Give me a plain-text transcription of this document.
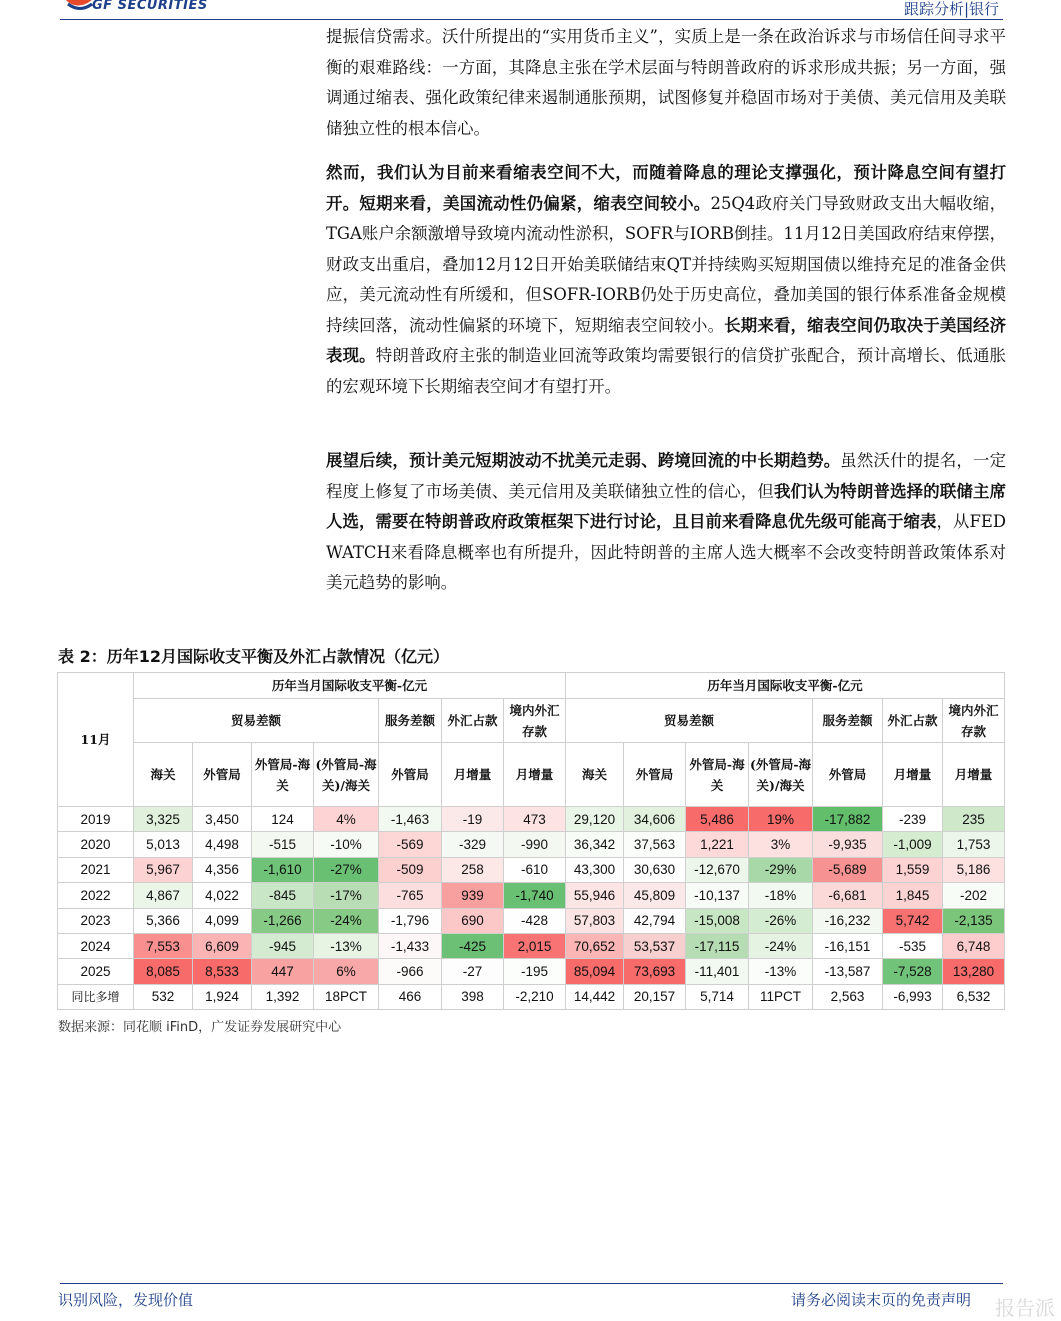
GF SECURITIES	跟踪分析|银行

提振信贷需求。沃什所提出的“实用货币主义”，实质上是一条在政治诉求与市场信任间寻求平衡的艰难路线：一方面，其降息主张在学术层面与特朗普政府的诉求形成共振；另一方面，强调通过缩表、强化政策纪律来遏制通胀预期，试图修复并稳固市场对于美债、美元信用及美联储独立性的根本信心。

然而，我们认为目前来看缩表空间不大，而随着降息的理论支撑强化，预计降息空间有望打开。短期来看，美国流动性仍偏紧，缩表空间较小。25Q4政府关门导致财政支出大幅收缩，TGA账户余额激增导致境内流动性淤积，SOFR与IORB倒挂。11月12日美国政府结束停摆，财政支出重启，叠加12月12日开始美联储结束QT并持续购买短期国债以维持充足的准备金供应，美元流动性有所缓和，但SOFR-IORB仍处于历史高位，叠加美国的银行体系准备金规模持续回落，流动性偏紧的环境下，短期缩表空间较小。长期来看，缩表空间仍取决于美国经济表现。特朗普政府主张的制造业回流等政策均需要银行的信贷扩张配合，预计高增长、低通胀的宏观环境下长期缩表空间才有望打开。

展望后续，预计美元短期波动不扰美元走弱、跨境回流的中长期趋势。虽然沃什的提名，一定程度上修复了市场美债、美元信用及美联储独立性的信心，但我们认为特朗普选择的联储主席人选，需要在特朗普政府政策框架下进行讨论，且目前来看降息优先级可能高于缩表，从FED WATCH来看降息概率也有所提升，因此特朗普的主席人选大概率不会改变特朗普政策体系对美元趋势的影响。

表 2：历年12月国际收支平衡及外汇占款情况（亿元）
11月	历年当月国际收支平衡-亿元							历年当月国际收支平衡-亿元						
	贸易差额				服务差额	外汇占款	境内外汇存款	贸易差额				服务差额	外汇占款	境内外汇存款
	海关	外管局	外管局-海关	(外管局-海关)/海关	外管局	月增量	月增量	海关	外管局	外管局-海关	(外管局-海关)/海关	外管局	月增量	月增量
2019	3,325	3,450	124	4%	-1,463	-19	473	29,120	34,606	5,486	19%	-17,882	-239	235
2020	5,013	4,498	-515	-10%	-569	-329	-990	36,342	37,563	1,221	3%	-9,935	-1,009	1,753
2021	5,967	4,356	-1,610	-27%	-509	258	-610	43,300	30,630	-12,670	-29%	-5,689	1,559	5,186
2022	4,867	4,022	-845	-17%	-765	939	-1,740	55,946	45,809	-10,137	-18%	-6,681	1,845	-202
2023	5,366	4,099	-1,266	-24%	-1,796	690	-428	57,803	42,794	-15,008	-26%	-16,232	5,742	-2,135
2024	7,553	6,609	-945	-13%	-1,433	-425	2,015	70,652	53,537	-17,115	-24%	-16,151	-535	6,748
2025	8,085	8,533	447	6%	-966	-27	-195	85,094	73,693	-11,401	-13%	-13,587	-7,528	13,280
同比多增	532	1,924	1,392	18PCT	466	398	-2,210	14,442	20,157	5,714	11PCT	2,563	-6,993	6,532
数据来源：同花顺 iFinD，广发证券发展研究中心
识别风险，发现价值	请务必阅读末页的免责声明 报告派
